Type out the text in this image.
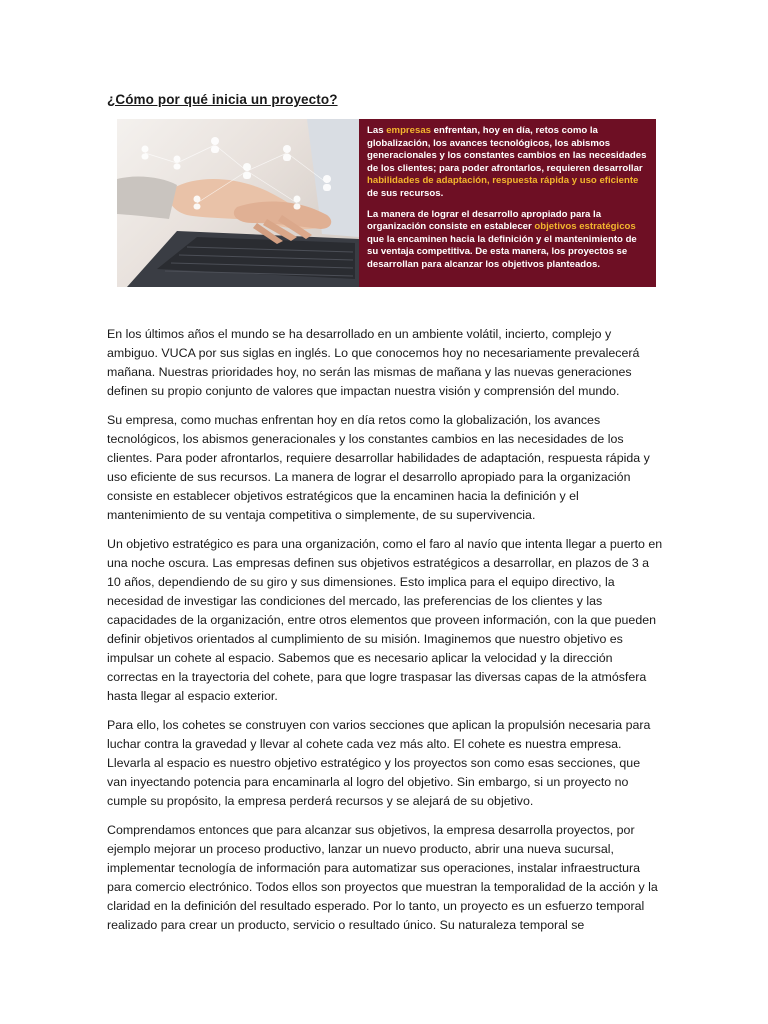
¿Cómo por qué inicia un proyecto?

Las empresas enfrentan, hoy en día, retos como la globalización, los avances tecnológicos, los abismos generacionales y los constantes cambios en las necesidades de los clientes; para poder afrontarlos, requieren desarrollar habilidades de adaptación, respuesta rápida y uso eficiente de sus recursos.

La manera de lograr el desarrollo apropiado para la organización consiste en establecer objetivos estratégicos que la encaminen hacia la definición y el mantenimiento de su ventaja competitiva. De esta manera, los proyectos se desarrollan para alcanzar los objetivos planteados.

En los últimos años el mundo se ha desarrollado en un ambiente volátil, incierto, complejo y ambiguo. VUCA por sus siglas en inglés. Lo que conocemos hoy no necesariamente prevalecerá mañana. Nuestras prioridades hoy, no serán las mismas de mañana y las nuevas generaciones definen su propio conjunto de valores que impactan nuestra visión y comprensión del mundo.

Su empresa, como muchas enfrentan hoy en día retos como la globalización, los avances tecnológicos, los abismos generacionales y los constantes cambios en las necesidades de los clientes. Para poder afrontarlos, requiere desarrollar habilidades de adaptación, respuesta rápida y uso eficiente de sus recursos. La manera de lograr el desarrollo apropiado para la organización consiste en establecer objetivos estratégicos que la encaminen hacia la definición y el mantenimiento de su ventaja competitiva o simplemente, de su supervivencia.

Un objetivo estratégico es para una organización, como el faro al navío que intenta llegar a puerto en una noche oscura. Las empresas definen sus objetivos estratégicos a desarrollar, en plazos de 3 a 10 años, dependiendo de su giro y sus dimensiones. Esto implica para el equipo directivo, la necesidad de investigar las condiciones del mercado, las preferencias de los clientes y las capacidades de la organización, entre otros elementos que proveen información, con la que pueden definir objetivos orientados al cumplimiento de su misión. Imaginemos que nuestro objetivo es impulsar un cohete al espacio. Sabemos que es necesario aplicar la velocidad y la dirección correctas en la trayectoria del cohete, para que logre traspasar las diversas capas de la atmósfera hasta llegar al espacio exterior.

Para ello, los cohetes se construyen con varios secciones que aplican la propulsión necesaria para luchar contra la gravedad y llevar al cohete cada vez más alto. El cohete es nuestra empresa. Llevarla al espacio es nuestro objetivo estratégico y los proyectos son como esas secciones, que van inyectando potencia para encaminarla al logro del objetivo. Sin embargo, si un proyecto no cumple su propósito, la empresa perderá recursos y se alejará de su objetivo.

Comprendamos entonces que para alcanzar sus objetivos, la empresa desarrolla proyectos, por ejemplo mejorar un proceso productivo, lanzar un nuevo producto, abrir una nueva sucursal, implementar tecnología de información para automatizar sus operaciones, instalar infraestructura para comercio electrónico. Todos ellos son proyectos que muestran la temporalidad de la acción y la claridad en la definición del resultado esperado. Por lo tanto, un proyecto es un esfuerzo temporal realizado para crear un producto, servicio o resultado único. Su naturaleza temporal se
